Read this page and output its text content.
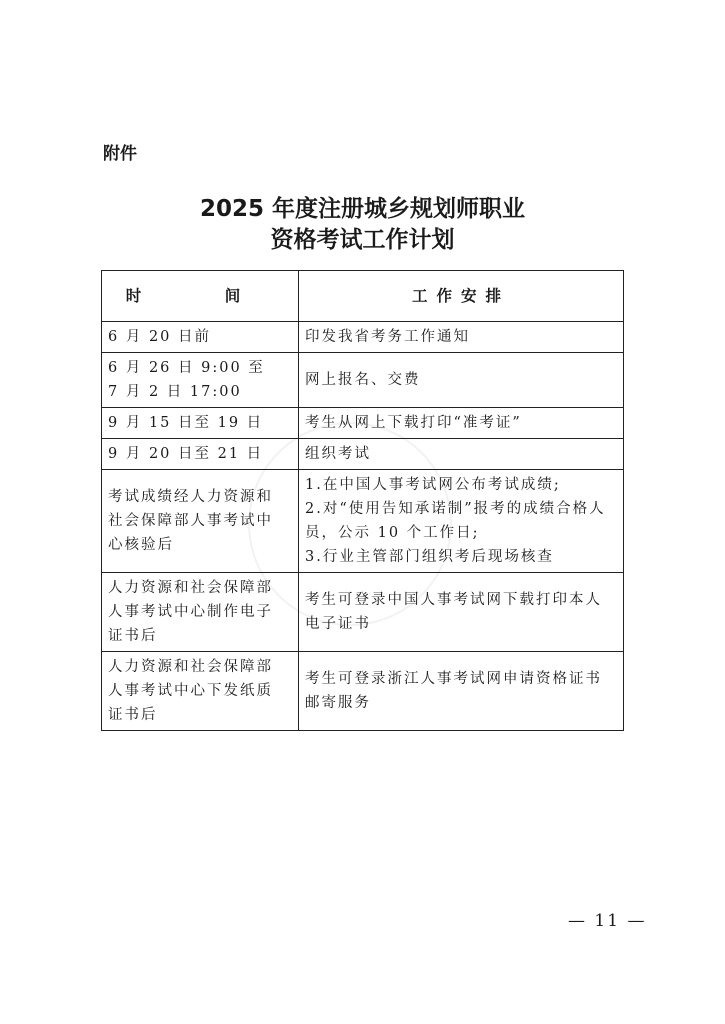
附件
2025 年度注册城乡规划师职业
资格考试工作计划
时　间	工作安排

6 月 20 日前	印发我省考务工作通知

6 月 26 日 9:00 至
7 月 2 日 17:00	网上报名、交费

9 月 15 日至 19 日	考生从网上下载打印“准考证”

9 月 20 日至 21 日	组织考试

考试成绩经人力资源和
社会保障部人事考试中
心核验后	1.在中国人事考试网公布考试成绩;
2.对“使用告知承诺制”报考的成绩合格人
员，公示 10 个工作日;
3.行业主管部门组织考后现场核查

人力资源和社会保障部
人事考试中心制作电子
证书后	考生可登录中国人事考试网下载打印本人
电子证书

人力资源和社会保障部
人事考试中心下发纸质
证书后	考生可登录浙江人事考试网申请资格证书
邮寄服务
— 11 —
